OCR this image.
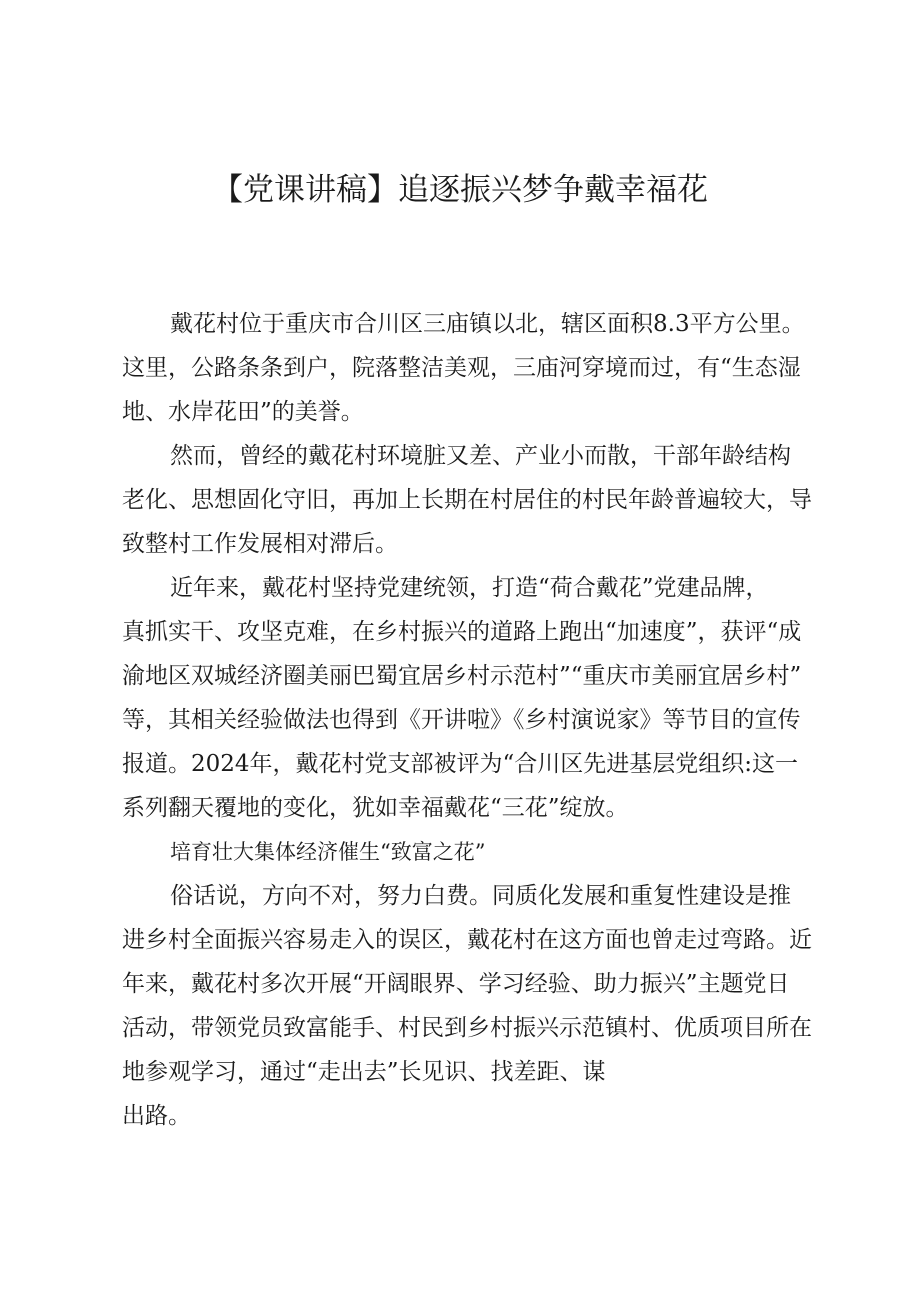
【党课讲稿】追逐振兴梦争戴幸福花

戴花村位于重庆市合川区三庙镇以北，辖区面积8.3平方公里。

这里，公路条条到户，院落整洁美观，三庙河穿境而过，有“生态湿

地、水岸花田”的美誉。

然而，曾经的戴花村环境脏又差、产业小而散，干部年龄结构

老化、思想固化守旧，再加上长期在村居住的村民年龄普遍较大，导

致整村工作发展相对滞后。

近年来，戴花村坚持党建统领，打造“荷合戴花”党建品牌，

真抓实干、攻坚克难，在乡村振兴的道路上跑出“加速度”，获评“成

渝地区双城经济圈美丽巴蜀宜居乡村示范村”“重庆市美丽宜居乡村”

等，其相关经验做法也得到《开讲啦》《乡村演说家》等节目的宣传

报道。2024年，戴花村党支部被评为“合川区先进基层党组织:这一

系列翻天覆地的变化，犹如幸福戴花“三花”绽放。

培育壮大集体经济催生“致富之花”

俗话说，方向不对，努力白费。同质化发展和重复性建设是推

进乡村全面振兴容易走入的误区，戴花村在这方面也曾走过弯路。近

年来，戴花村多次开展“开阔眼界、学习经验、助力振兴”主题党日

活动，带领党员致富能手、村民到乡村振兴示范镇村、优质项目所在

地参观学习，通过“走出去”长见识、找差距、谋

出路。
